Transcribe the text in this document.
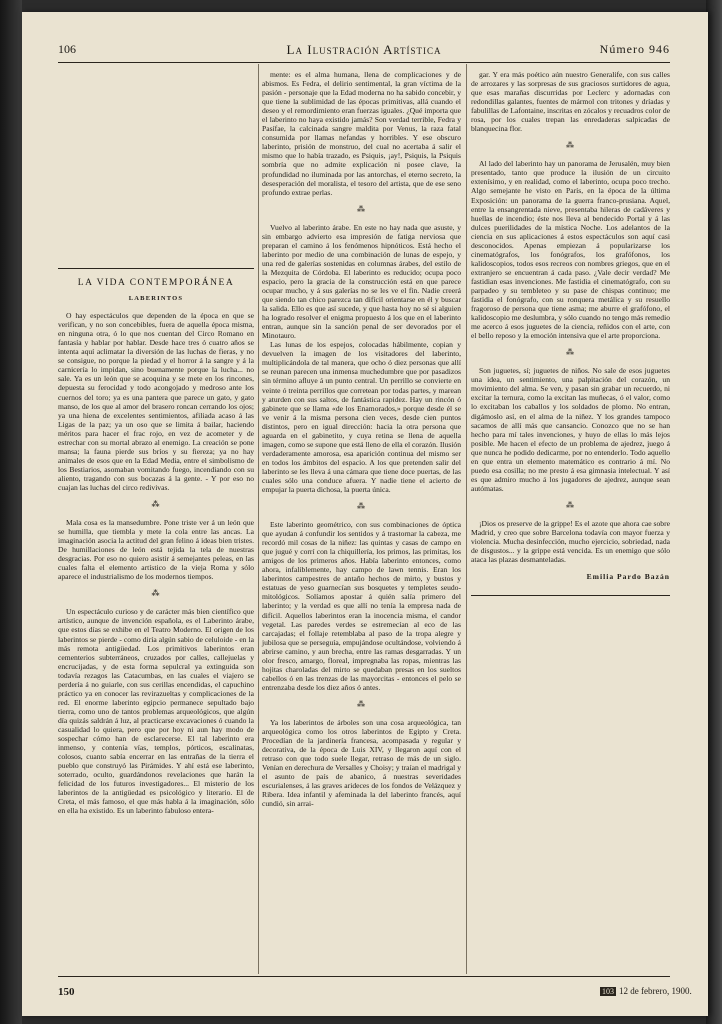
106	La Ilustración Artística	Número 946
LA VIDA CONTEMPORÁNEA
LABERINTOS

O hay espectáculos que dependen de la época en que se verifican, y no son concebibles, fuera de aquella época misma, en ninguna otra, ó lo que nos cuentan del Circo Romano en fantasía y hablar por hablar. Desde hace tres ó cuatro años se intenta aquí aclimatar la diversión de las luchas de fieras, y no se consigue, no porque la piedad y el horror á la sangre y á la carnicería lo impidan, sino buenamente porque la lucha... no sale. Ya es un león que se acoquina y se mete en los rincones, depuesta su ferocidad y todo acongojado y medroso ante los cuernos del toro; ya es una pantera que parece un gato, y gato manso, de los que al amor del brasero roncan cerrando los ojos; ya una hiena de excelentes sentimientos, afiliada acaso á las Ligas de la paz; ya un oso que se limita á bailar, haciendo méritos para hacer el frac rojo, en vez de acometer y de estrechar con su mortal abrazo al enemigo. La creación se pone mansa; la fauna pierde sus bríos y su fiereza; ya no hay animales de esos que en la Edad Media, entre el simbolismo de los Bestiarios, asomaban vomitando fuego, incendiando con su aliento, tragando con sus bocazas á la gente. - Y por eso no cuajan las luchas del circo redivivas.

⁂

Mala cosa es la mansedumbre. Pone triste ver á un león que se humilla, que tiembla y mete la cola entre las ancas. La imaginación asocia la actitud del gran felino á ideas bien tristes. De humillaciones de león está tejida la tela de nuestras desgracias. Por eso no quiero asistir á semejantes peleas, en las cuales falta el elemento artístico de la vieja Roma y sólo aparece el industrialismo de los modernos tiempos.

⁂

Un espectáculo curioso y de carácter más bien científico que artístico, aunque de invención española, es el Laberinto árabe, que estos días se exhibe en el Teatro Moderno. El origen de los laberintos se pierde - como diría algún sabio de celuloide - en la más remota antigüedad. Los primitivos laberintos eran cementerios subterráneos, cruzados por calles, callejuelas y encrucijadas, y de esta forma sepulcral ya extinguida son todavía rezagos las Catacumbas, en las cuales el viajero se perdería á no guiarle, con sus cerillas encendidas, el capuchino práctico ya en conocer las revirazueltas y complicaciones de la red. El enorme laberinto egipcio permanece sepultado bajo tierra, como uno de tantos problemas arqueológicos, que algún día quizás saldrán á luz, al practicarse excavaciones ó cuando la casualidad lo quiera, pero que por hoy ni aun hay modo de sospechar cómo han de esclarecerse. El tal laberinto era inmenso, y contenía vías, templos, pórticos, escalinatas, colosos, cuanto sabía encerrar en las entrañas de la tierra el pueblo que construyó las Pirámides. Y ahí está ese laberinto, soterrado, oculto, guardándonos revelaciones que harán la felicidad de los futuros investigadores... El misterio de los laberintos de la antigüedad es psicológico y literario. El de Creta, el más famoso, el que más habla á la imaginación, sólo en ella ha existido. Es un laberinto fabuloso entera-

mente: es el alma humana, llena de complicaciones y de abismos. Es Fedra, el delirio sentimental, la gran víctima de la pasión - personaje que la Edad moderna no ha sabido concebir, y que tiene la sublimidad de las épocas primitivas, allá cuando el deseo y el remordimiento eran fuerzas iguales. ¿Qué importa que el laberinto no haya existido jamás? Son verdad terrible, Fedra y Pasífae, la calcinada sangre maldita por Venus, la raza fatal consumida por llamas nefandas y horribles. Y ese obscuro laberinto, prisión de monstruo, del cual no acertaba á salir el mismo que lo había trazado, es Psiquis, ¡ay!, Psiquis, la Psiquis sombría que no admite explicación ni posee clave, la profundidad no iluminada por las antorchas, el eterno secreto, la desesperación del moralista, el tesoro del artista, que de ese seno profundo extrae perlas.

⁂

Vuelvo al laberinto árabe. En este no hay nada que asuste, y sin embargo advierto esa impresión de fatiga nerviosa que preparan el camino á los fenómenos hipnóticos. Está hecho el laberinto por medio de una combinación de lunas de espejo, y una red de galerías sostenidas en columnas árabes, del estilo de la Mezquita de Córdoba. El laberinto es reducido; ocupa poco espacio, pero la gracia de la construcción está en que parece ocupar mucho, y á sus galerías no se les ve el fin. Nadie creerá que siendo tan chico parezca tan difícil orientarse en él y buscar la salida. Ello es que así sucede, y que hasta hoy no sé si alguien ha logrado resolver el enigma propuesto á los que en el laberinto entran, aunque sin la sanción penal de ser devorados por el Minotauro.

Las lunas de los espejos, colocadas hábilmente, copian y devuelven la imagen de los visitadores del laberinto, multiplicándola de tal manera, que ocho ó diez personas que allí se reunan parecen una inmensa muchedumbre que por pasadizos sin término afluye á un punto central. Un perrillo se convierte en veinte ó treinta perrillos que corretean por todas partes, y marean y aturden con sus saltos, de fantástica rapidez. Hay un rincón ó gabinete que se llama «de los Enamorados,» porque desde él se ve venir á la misma persona cien veces, desde cien puntos distintos, pero en igual dirección: hacia la otra persona que aguarda en el gabinetito, y cuya retina se llena de aquella imagen, como se supone que está lleno de ella el corazón. Ilusión verdaderamente amorosa, esa aparición continua del mismo ser en todos los ámbitos del espacio. A los que pretenden salir del laberinto se les lleva á una cámara que tiene doce puertas, de las cuales sólo una conduce afuera. Y nadie tiene el acierto de empujar la puerta dichosa, la puerta única.

⁂

Este laberinto geométrico, con sus combinaciones de óptica que ayudan á confundir los sentidos y á trastornar la cabeza, me recordó mil cosas de la niñez: las quintas y casas de campo en que jugué y corrí con la chiquillería, los primos, las primitas, los amigos de los primeros años. Había laberinto entonces, como ahora, infaliblemente, hay campo de lawn tennis. Eran los laberintos campestres de antaño hechos de mirto, y bustos y estatuas de yeso guarnecían sus bosquetes y templetes seudo-mitológicos. Solíamos apostar á quién salía primero del laberinto; y la verdad es que allí no tenía la empresa nada de difícil. Aquellos laberintos eran la inocencia misma, el candor vegetal. Las paredes verdes se estremecían al eco de las carcajadas; el follaje retemblaba al paso de la tropa alegre y jubilosa que se perseguía, empujándose ocultándose, volviendo á abrirse camino, y aun brecha, entre las ramas desgarradas. Y un olor fresco, amargo, floreal, impregnaba las ropas, mientras las hojitas charoladas del mirto se quedaban presas en los sueltos cabellos ó en las trenzas de las mayorcitas - entonces el pelo se entrenzaba desde los diez años ó antes.

⁂

Ya los laberintos de árboles son una cosa arqueológica, tan arqueológica como los otros laberintos de Egipto y Creta. Procedían de la jardinería francesa, acompasada y regular y decorativa, de la época de Luis XIV, y llegaron aquí con el retraso con que todo suele llegar, retraso de más de un siglo. Venían en derechura de Versalles y Choisy; y traían el madrigal y el asunto de país de abanico, á nuestras severidades escurialenses, á las graves arideces de los fondos de Velázquez y Ribera. Idea infantil y afeminada la del laberinto francés, aquí cundió, sin arrai-

gar. Y era más poético aún nuestro Generalife, con sus calles de arrozares y las sorpresas de sus graciosos surtidores de agua, que esas marañas discurridas por Leclerc y adornadas con redondillas galantes, fuentes de mármol con tritones y dríadas y fabulillas de Lafontaine, inscritas en zócalos y recuadros color de rosa, por los cuales trepan las enredaderas salpicadas de blanquecina flor.

⁂

Al lado del laberinto hay un panorama de Jerusalén, muy bien presentado, tanto que produce la ilusión de un circuito extenísimo, y en realidad, como el laberinto, ocupa poco trecho. Algo semejante he visto en París, en la época de la última Exposición: un panorama de la guerra franco-prusiana. Aquel, entre la ensangrentada nieve, presentaba hileras de cadáveres y huellas de incendio; éste nos lleva al bendecido Portal y á las dulces puerilidades de la mística Noche. Los adelantos de la ciencia en sus aplicaciones á estos espectáculos son aquí casi desconocidos. Apenas empiezan á popularizarse los cinematógrafos, los fonógrafos, los grafófonos, los kalidoscopios, todos esos recreos con nombres griegos, que en el extranjero se encuentran á cada paso. ¿Vale decir verdad? Me fastidian esas invenciones. Me fastidia el cinematógrafo, con su parpadeo y su tembleteo y su pase de chispas continuo; me fastidia el fonógrafo, con su ronquera metálica y su resuello fragoroso de persona que tiene asma; me aburre el grafófono, el kalidoscopio me deslumbra, y sólo cuando no tengo más remedio me acerco á esos juguetes de la ciencia, reñidos con el arte, con el bello reposo y la emoción intensiva que el arte proporciona.

⁂

Son juguetes, sí; juguetes de niños. No sale de esos juguetes una idea, un sentimiento, una palpitación del corazón, un movimiento del alma. Se ven, y pasan sin grabar un recuerdo, ni excitar la ternura, como la excitan las muñecas, ó el valor, como lo excitaban los caballos y los soldados de plomo. No entran, digámoslo así, en el alma de la niñez. Y los grandes tampoco sacamos de allí más que cansancio. Conozco que no se han hecho para mí tales invenciones, y huyo de ellas lo más lejos posible. Me hacen el efecto de un problema de ajedrez, juego á que nunca he podido dedicarme, por no entenderlo. Todo aquello en que entra un elemento matemático es contrario á mí. No puedo esa cosilla; no me presto á esa gimnasia intelectual. Y así es que admiro mucho á los jugadores de ajedrez, aunque sean autómatas.

⁂

¡Dios os preserve de la grippe! Es el azote que ahora cae sobre Madrid, y creo que sobre Barcelona todavía con mayor fuerza y violencia. Mucha desinfección, mucho ejercicio, sobriedad, nada de disgustos... y la grippe está vencida. Es un enemigo que sólo ataca las plazas desmanteladas.

Emilia Pardo Bazán
150	103 12 de febrero, 1900.
